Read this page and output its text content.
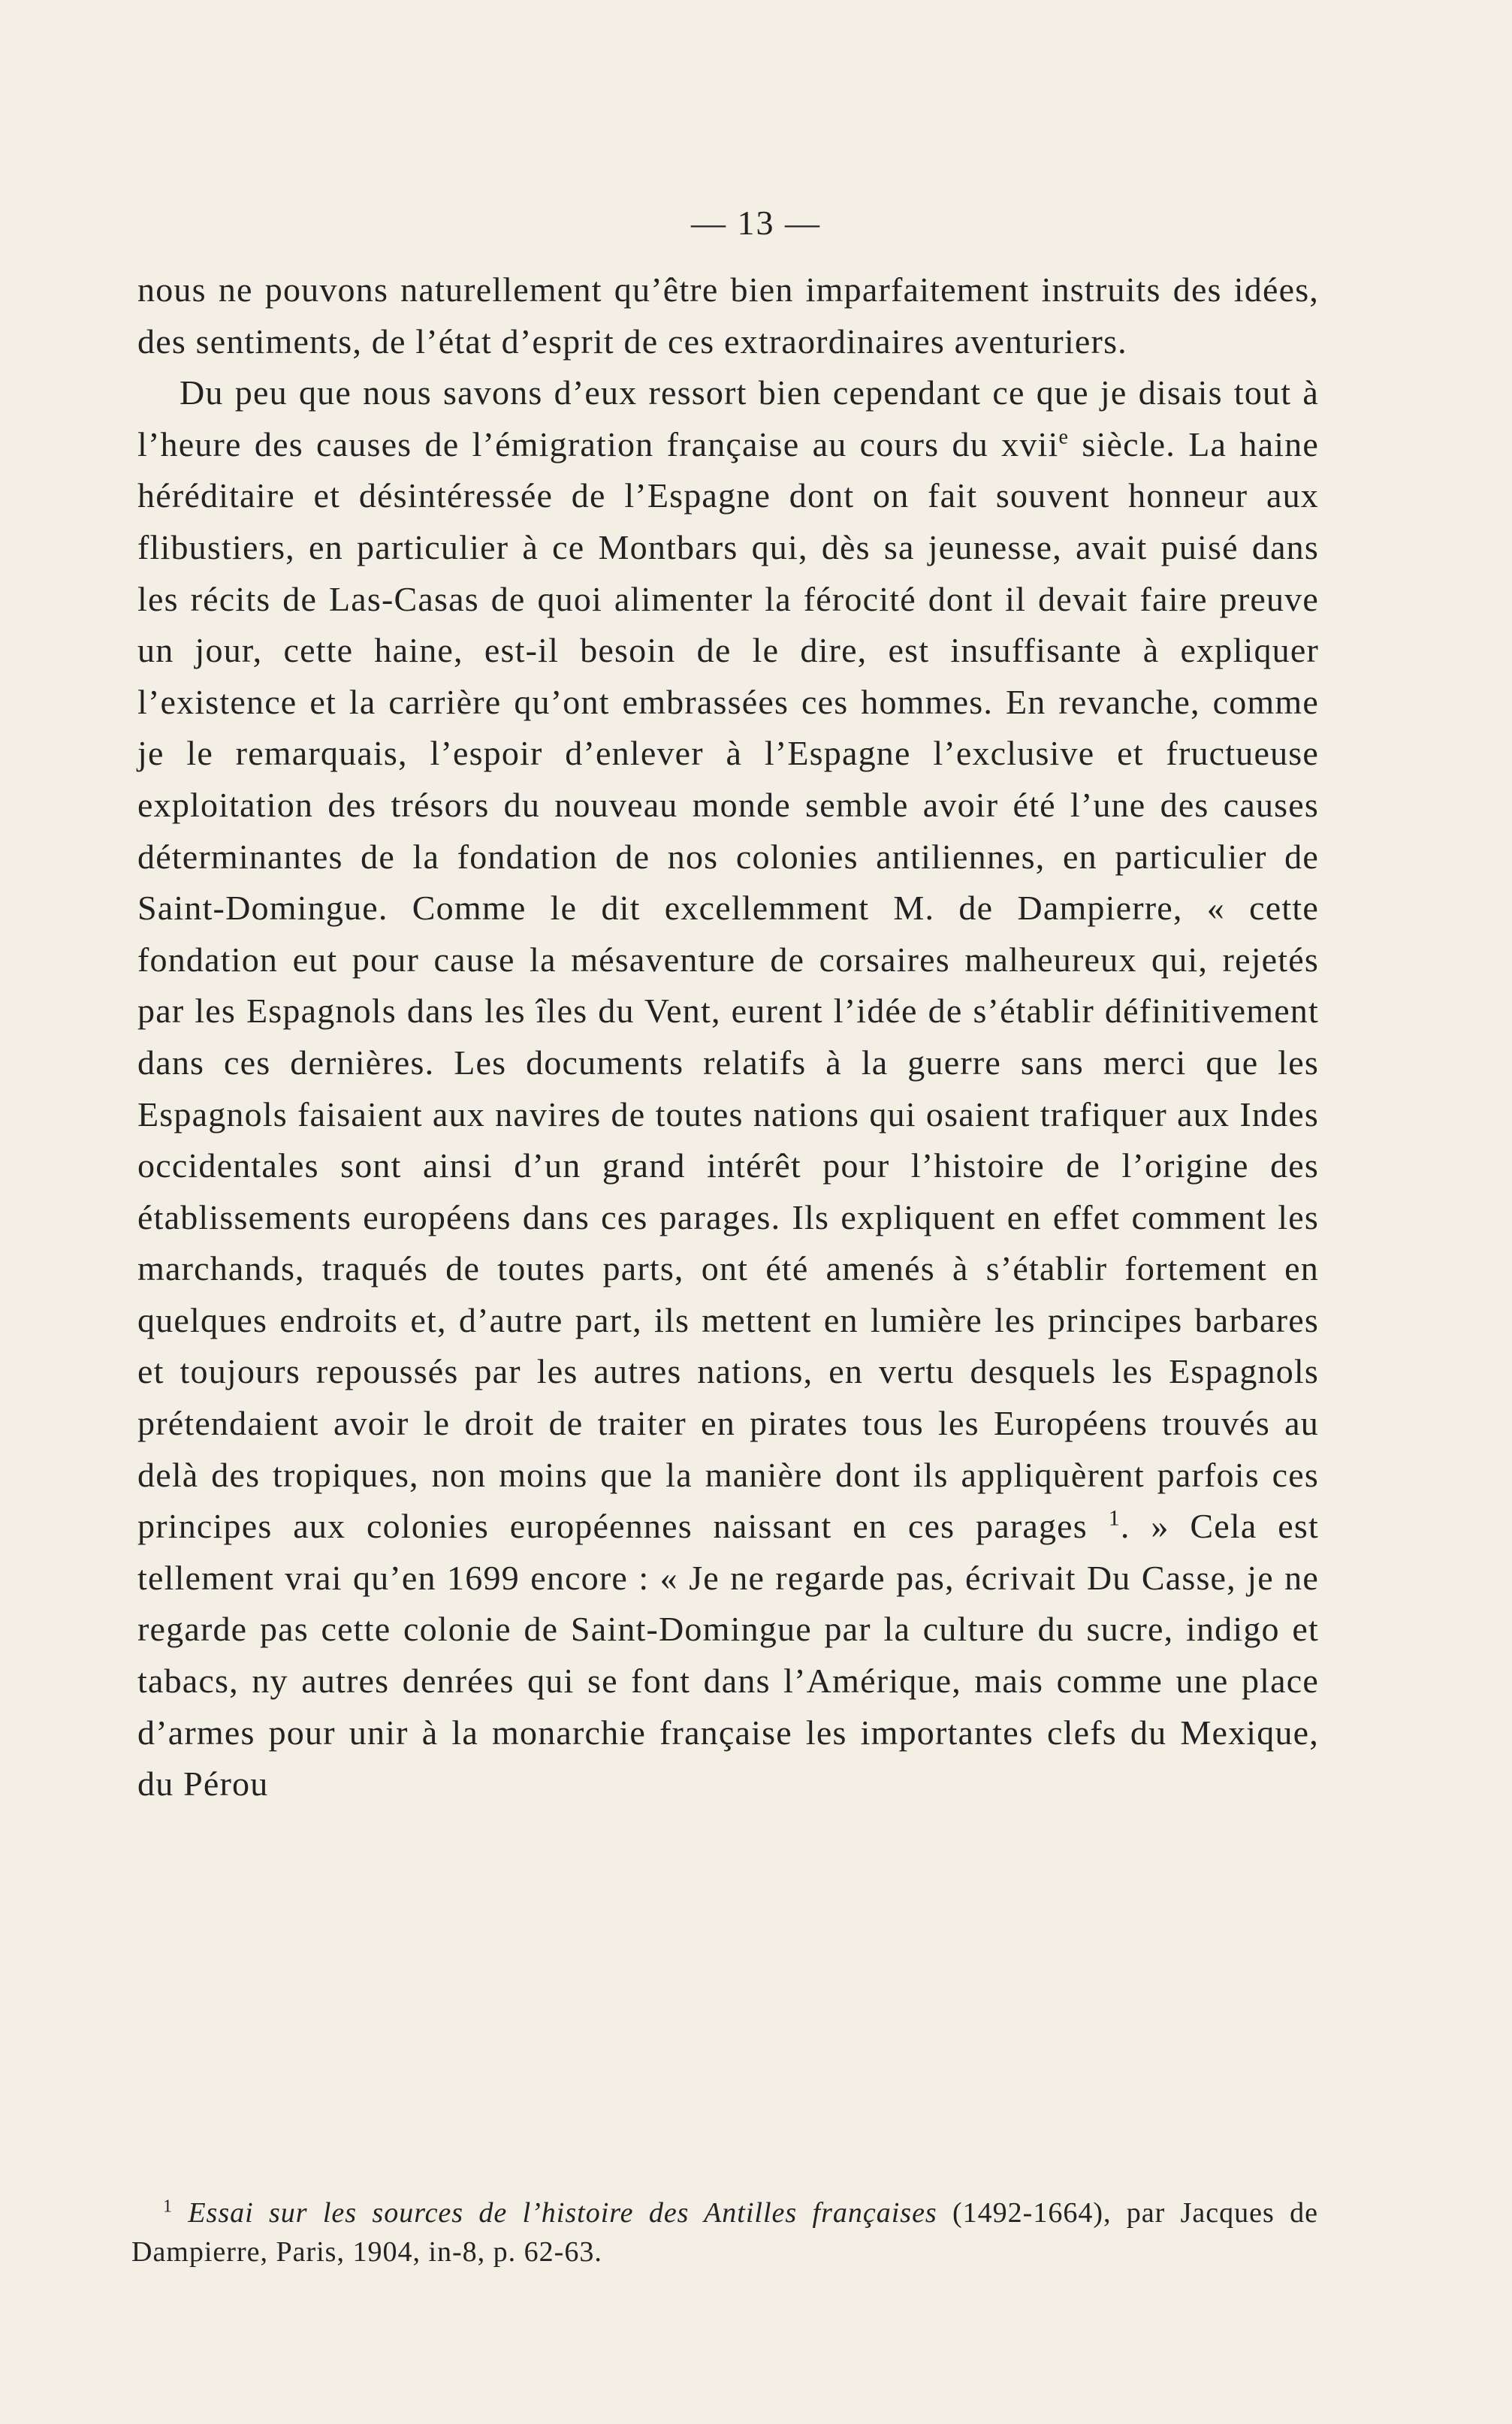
— 13 —

nous ne pouvons naturellement qu’être bien imparfaitement instruits des idées, des sentiments, de l’état d’esprit de ces extraordinaires aventuriers.

Du peu que nous savons d’eux ressort bien cependant ce que je disais tout à l’heure des causes de l’émigration française au cours du xvii$^e$ siècle. La haine héréditaire et désintéressée de l’Espagne dont on fait souvent honneur aux flibustiers, en particulier à ce Montbars qui, dès sa jeunesse, avait puisé dans les récits de Las-Casas de quoi alimenter la férocité dont il devait faire preuve un jour, cette haine, est-il besoin de le dire, est insuffisante à expliquer l’existence et la carrière qu’ont embrassées ces hommes. En revanche, comme je le remarquais, l’espoir d’enlever à l’Espagne l’exclusive et fructueuse exploitation des trésors du nouveau monde semble avoir été l’une des causes déterminantes de la fondation de nos colonies antiliennes, en particulier de Saint-Domingue. Comme le dit excellemment M. de Dampierre, « cette fondation eut pour cause la mésaventure de corsaires malheureux qui, rejetés par les Espagnols dans les îles du Vent, eurent l’idée de s’établir définitivement dans ces dernières. Les documents relatifs à la guerre sans merci que les Espagnols faisaient aux navires de toutes nations qui osaient trafiquer aux Indes occidentales sont ainsi d’un grand intérêt pour l’histoire de l’origine des établissements européens dans ces parages. Ils expliquent en effet comment les marchands, traqués de toutes parts, ont été amenés à s’établir fortement en quelques endroits et, d’autre part, ils mettent en lumière les principes barbares et toujours repoussés par les autres nations, en vertu desquels les Espagnols prétendaient avoir le droit de traiter en pirates tous les Européens trouvés au delà des tropiques, non moins que la manière dont ils appliquèrent parfois ces principes aux colonies européennes naissant en ces parages $^1$. » Cela est tellement vrai qu’en 1699 encore : « Je ne regarde pas, écrivait Du Casse, je ne regarde pas cette colonie de Saint-Domingue par la culture du sucre, indigo et tabacs, ny autres denrées qui se font dans l’Amérique, mais comme une place d’armes pour unir à la monarchie française les importantes clefs du Mexique, du Pérou

$^1$ Essai sur les sources de l’histoire des Antilles françaises (1492-1664), par Jacques de Dampierre, Paris, 1904, in-8, p. 62-63.
